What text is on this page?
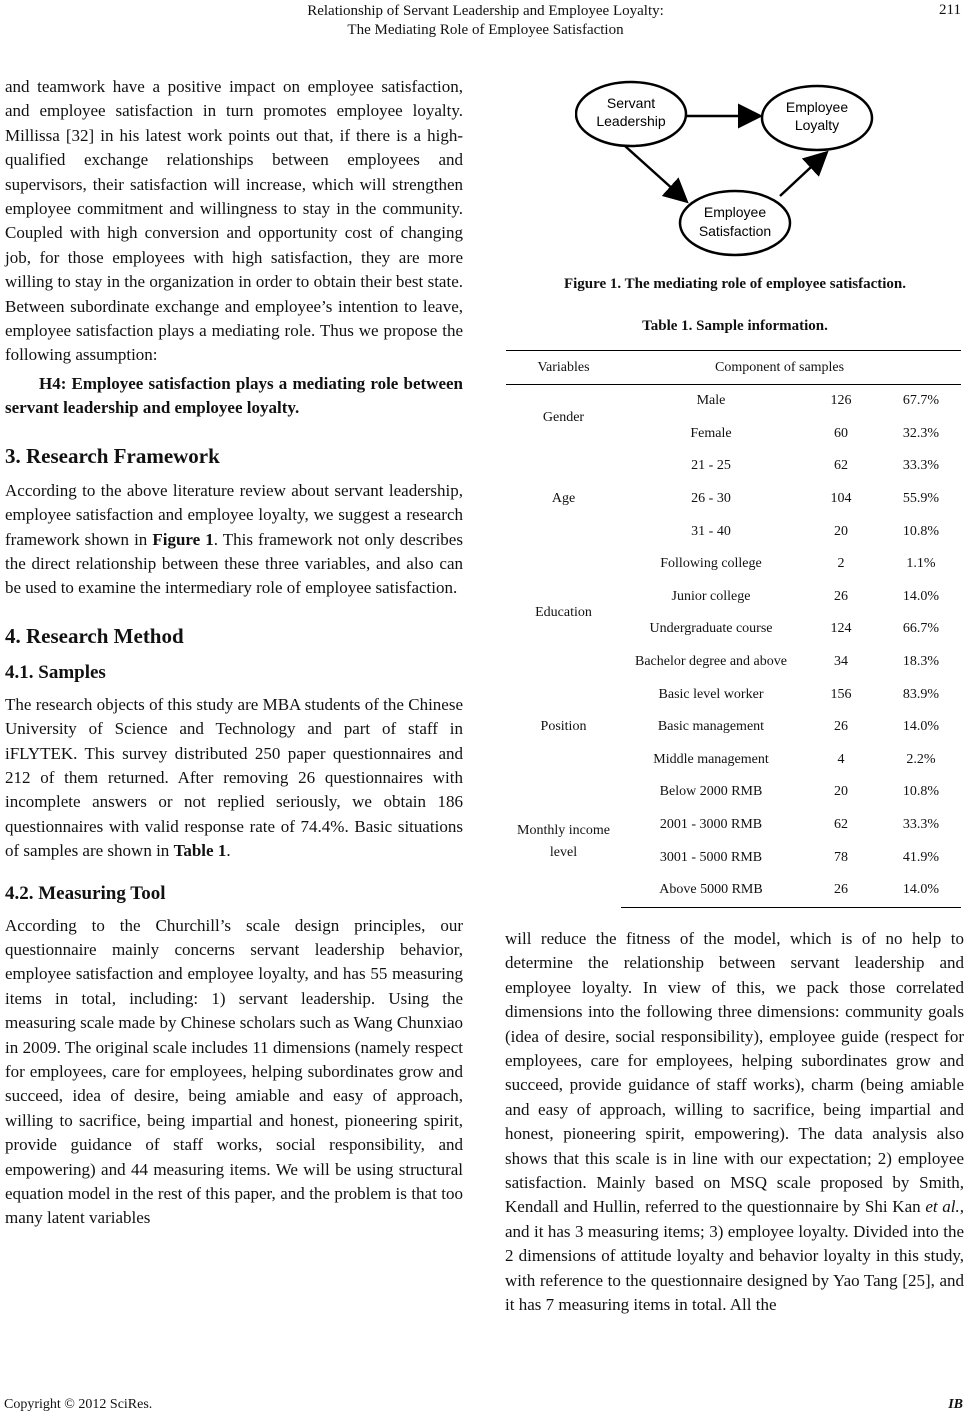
Relationship of Servant Leadership and Employee Loyalty:
The Mediating Role of Employee Satisfaction
211

and teamwork have a positive impact on employee satisfaction, and employee satisfaction in turn promotes employee loyalty. Millissa [32] in his latest work points out that, if there is a high-qualified exchange relationships between employees and supervisors, their satisfaction will increase, which will strengthen employee commitment and willingness to stay in the community. Coupled with high conversion and opportunity cost of changing job, for those employees with high satisfaction, they are more willing to stay in the organization in order to obtain their best state. Between subordinate exchange and employee’s intention to leave, employee satisfaction plays a mediating role. Thus we propose the following assumption:

H4: Employee satisfaction plays a mediating role between servant leadership and employee loyalty.

3. Research Framework

According to the above literature review about servant leadership, employee satisfaction and employee loyalty, we suggest a research framework shown in Figure 1. This framework not only describes the direct relationship between these three variables, and also can be used to examine the intermediary role of employee satisfaction.

4. Research Method
4.1. Samples

The research objects of this study are MBA students of the Chinese University of Science and Technology and part of staff in iFLYTEK. This survey distributed 250 paper questionnaires and 212 of them returned. After removing 26 questionnaires with incomplete answers or not replied seriously, we obtain 186 questionnaires with valid response rate of 74.4%. Basic situations of samples are shown in Table 1.

4.2. Measuring Tool

According to the Churchill’s scale design principles, our questionnaire mainly concerns servant leadership behavior, employee satisfaction and employee loyalty, and has 55 measuring items in total, including: 1) servant leadership. Using the measuring scale made by Chinese scholars such as Wang Chunxiao in 2009. The original scale includes 11 dimensions (namely respect for employees, care for employees, helping subordinates grow and succeed, idea of desire, being amiable and easy of approach, willing to sacrifice, being impartial and honest, pioneering spirit, provide guidance of staff works, social responsibility, and empowering) and 44 measuring items. We will be using structural equation model in the rest of this paper, and the problem is that too many latent variables

Servant
Leadership
Employee
Loyalty
Employee
Satisfaction
Figure 1. The mediating role of employee satisfaction.
Table 1. Sample information.
Variables	Component of samples		
Gender	Male	126	67.7%
	Female	60	32.3%
Age	21 - 25	62	33.3%
	26 - 30	104	55.9%
	31 - 40	20	10.8%
Education	Following college	2	1.1%
	Junior college	26	14.0%
	Undergraduate course	124	66.7%
	Bachelor degree and above	34	18.3%
Position	Basic level worker	156	83.9%
	Basic management	26	14.0%
	Middle management	4	2.2%
Monthly income level	Below 2000 RMB	20	10.8%
	2001 - 3000 RMB	62	33.3%
	3001 - 5000 RMB	78	41.9%
	Above 5000 RMB	26	14.0%

will reduce the fitness of the model, which is of no help to determine the relationship between servant leadership and employee loyalty. In view of this, we pack those correlated dimensions into the following three dimensions: community goals (idea of desire, social responsibility), employee guide (respect for employees, care for employees, helping subordinates grow and succeed, provide guidance of staff works), charm (being amiable and easy of approach, willing to sacrifice, being impartial and honest, pioneering spirit, empowering). The data analysis also shows that this scale is in line with our expectation; 2) employee satisfaction. Mainly based on MSQ scale proposed by Smith, Kendall and Hullin, referred to the questionnaire by Shi Kan et al., and it has 3 measuring items; 3) employee loyalty. Divided into the 2 dimensions of attitude loyalty and behavior loyalty in this study, with reference to the questionnaire designed by Yao Tang [25], and it has 7 measuring items in total. All the

Copyright © 2012 SciRes.	IB
